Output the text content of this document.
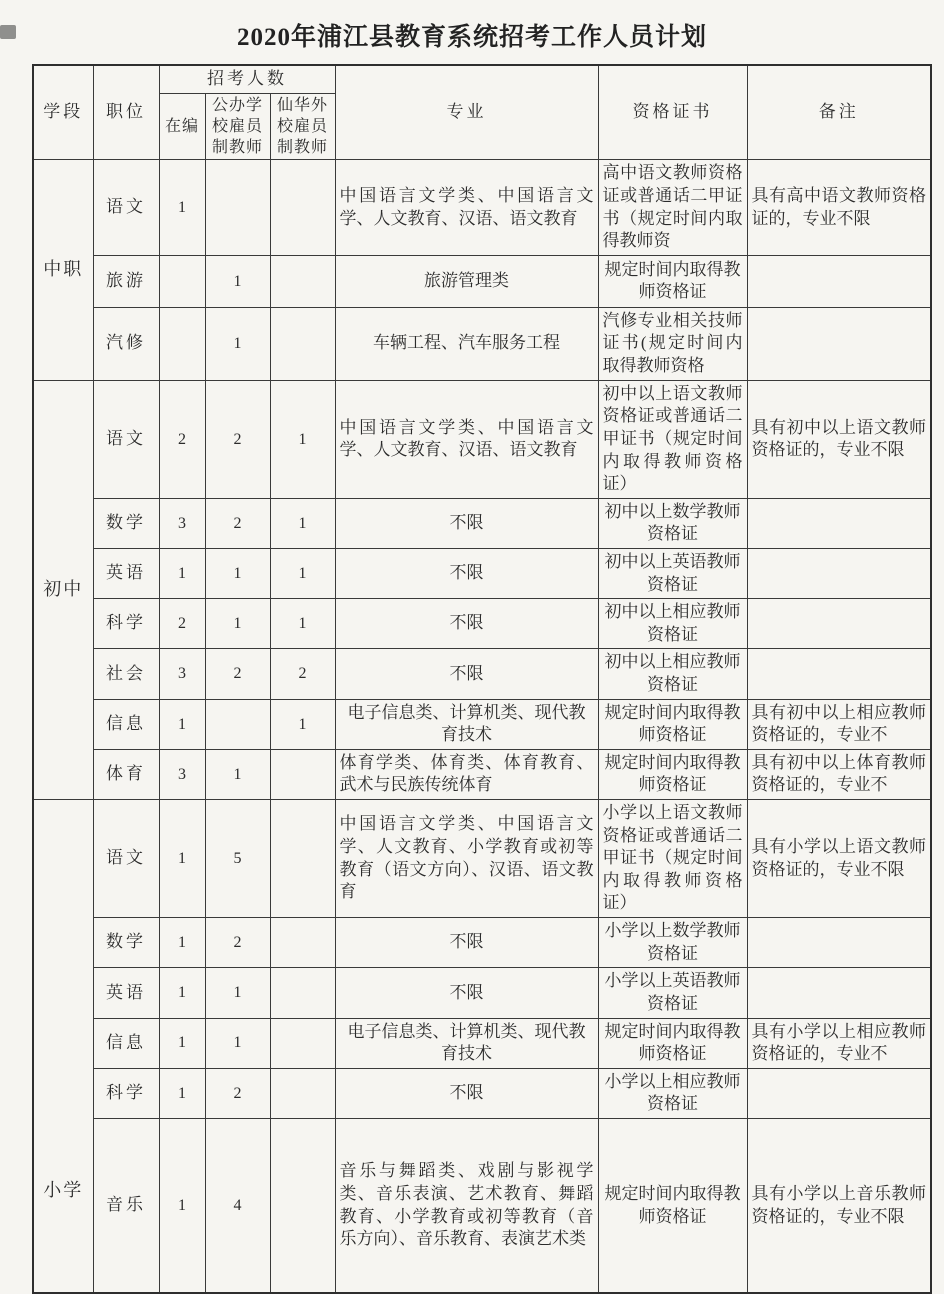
2020年浦江县教育系统招考工作人员计划
学段	职位	招考人数			专业	资格证书	备注
		在编	公办学校雇员制教师	仙华外校雇员制教师			
中职	语文	1			中国语言文学类、中国语言文学、人文教育、汉语、语文教育	高中语文教师资格证或普通话二甲证书（规定时间内取得教师资	具有高中语文教师资格证的，专业不限
	旅游		1		旅游管理类	规定时间内取得教师资格证	
	汽修		1		车辆工程、汽车服务工程	汽修专业相关技师证书(规定时间内取得教师资格	
初中	语文	2	2	1	中国语言文学类、中国语言文学、人文教育、汉语、语文教育	初中以上语文教师资格证或普通话二甲证书（规定时间内取得教师资格证）	具有初中以上语文教师资格证的，专业不限
	数学	3	2	1	不限	初中以上数学教师资格证	
	英语	1	1	1	不限	初中以上英语教师资格证	
	科学	2	1	1	不限	初中以上相应教师资格证	
	社会	3	2	2	不限	初中以上相应教师资格证	
	信息	1		1	电子信息类、计算机类、现代教育技术	规定时间内取得教师资格证	具有初中以上相应教师资格证的，专业不
	体育	3	1		体育学类、体育类、体育教育、武术与民族传统体育	规定时间内取得教师资格证	具有初中以上体育教师资格证的，专业不
小学	语文	1	5		中国语言文学类、中国语言文学、人文教育、小学教育或初等教育（语文方向）、汉语、语文教育	小学以上语文教师资格证或普通话二甲证书（规定时间内取得教师资格证）	具有小学以上语文教师资格证的，专业不限
	数学	1	2		不限	小学以上数学教师资格证	
	英语	1	1		不限	小学以上英语教师资格证	
	信息	1	1		电子信息类、计算机类、现代教育技术	规定时间内取得教师资格证	具有小学以上相应教师资格证的，专业不
	科学	1	2		不限	小学以上相应教师资格证	
	音乐	1	4		音乐与舞蹈类、戏剧与影视学类、音乐表演、艺术教育、舞蹈教育、小学教育或初等教育（音乐方向）、音乐教育、表演艺术类	规定时间内取得教师资格证	具有小学以上音乐教师资格证的，专业不限
